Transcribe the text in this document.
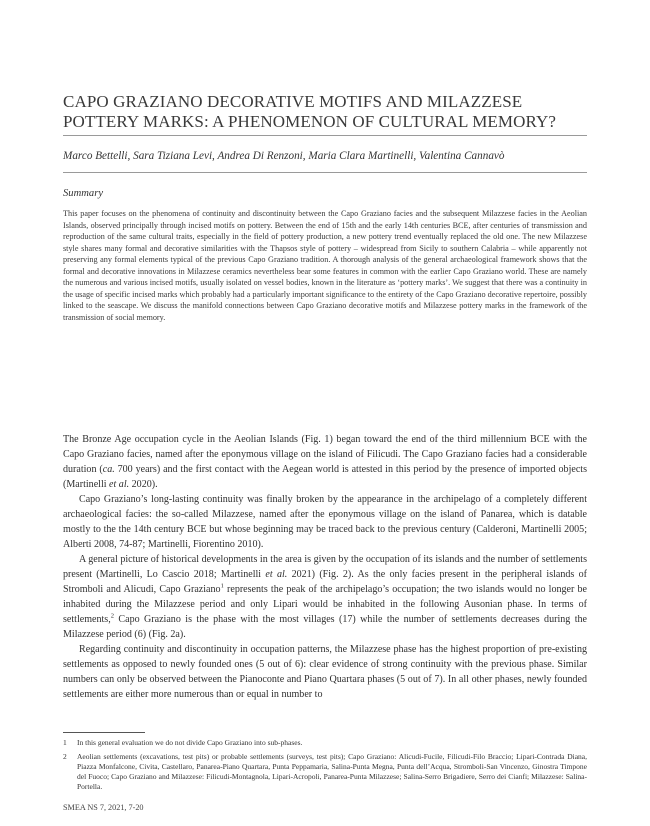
CAPO GRAZIANO DECORATIVE MOTIFS AND MILAZZESE POTTERY MARKS: A PHENOMENON OF CULTURAL MEMORY?
Marco Bettelli, Sara Tiziana Levi, Andrea Di Renzoni, Maria Clara Martinelli, Valentina Cannavò
Summary

This paper focuses on the phenomena of continuity and discontinuity between the Capo Graziano facies and the subsequent Milazzese facies in the Aeolian Islands, observed principally through incised motifs on pottery. Between the end of 15th and the early 14th centuries BCE, after centuries of transmission and reproduction of the same cultural traits, especially in the field of pottery production, a new pottery trend eventually replaced the old one. The new Milazzese style shares many formal and decorative similarities with the Thapsos style of pottery – widespread from Sicily to southern Calabria – while apparently not preserving any formal elements typical of the previous Capo Graziano tradition. A thorough analysis of the general archaeological framework shows that the formal and decorative innovations in Milazzese ceramics nevertheless bear some features in common with the earlier Capo Graziano world. These are namely the numerous and various incised motifs, usually isolated on vessel bodies, known in the literature as ‘pottery marks’. We suggest that there was a continuity in the usage of specific incised marks which probably had a particularly important significance to the entirety of the Capo Graziano decorative repertoire, possibly linked to the seascape. We discuss the manifold connections between Capo Graziano decorative motifs and Milazzese pottery marks in the framework of the transmission of social memory.

The Bronze Age occupation cycle in the Aeolian Islands (Fig. 1) began toward the end of the third millennium BCE with the Capo Graziano facies, named after the eponymous village on the island of Filicudi. The Capo Graziano facies had a considerable duration (ca. 700 years) and the first contact with the Aegean world is attested in this period by the presence of imported objects (Martinelli et al. 2020).

Capo Graziano’s long-lasting continuity was finally broken by the appearance in the archipelago of a completely different archaeological facies: the so-called Milazzese, named after the eponymous village on the island of Panarea, which is datable mostly to the the 14th century BCE but whose beginning may be traced back to the previous century (Calderoni, Martinelli 2005; Alberti 2008, 74-87; Martinelli, Fiorentino 2010).

A general picture of historical developments in the area is given by the occupation of its islands and the number of settlements present (Martinelli, Lo Cascio 2018; Martinelli et al. 2021) (Fig. 2). As the only facies present in the peripheral islands of Stromboli and Alicudi, Capo Graziano$^1$ represents the peak of the archipelago’s occupation; the two islands would no longer be inhabited during the Milazzese period and only Lipari would be inhabited in the following Ausonian phase. In terms of settlements,$^2$ Capo Graziano is the phase with the most villages (17) while the number of settlements decreases during the Milazzese period (6) (Fig. 2a).

Regarding continuity and discontinuity in occupation patterns, the Milazzese phase has the highest proportion of pre-existing settlements as opposed to newly founded ones (5 out of 6): clear evidence of strong continuity with the previous phase. Similar numbers can only be observed between the Pianoconte and Piano Quartara phases (5 out of 7). In all other phases, newly founded settlements are either more numerous than or equal in number to

1 In this general evaluation we do not divide Capo Graziano into sub-phases.
2 Aeolian settlements (excavations, test pits) or probable settlements (surveys, test pits); Capo Graziano: Alicudi-Fucile, Filicudi-Filo Braccio; Lipari-Contrada Diana, Piazza Monfalcone, Civita, Castellaro, Panarea-Piano Quartara, Punta Peppamaria, Salina-Punta Megna, Punta dell’Acqua, Stromboli-San Vincenzo, Ginostra Timpone del Fuoco; Capo Graziano and Milazzese: Filicudi-Montagnola, Lipari-Acropoli, Panarea-Punta Milazzese; Salina-Serro Brigadiere, Serro dei Cianfi; Milazzese: Salina-Portella.
SMEA NS 7, 2021, 7-20
